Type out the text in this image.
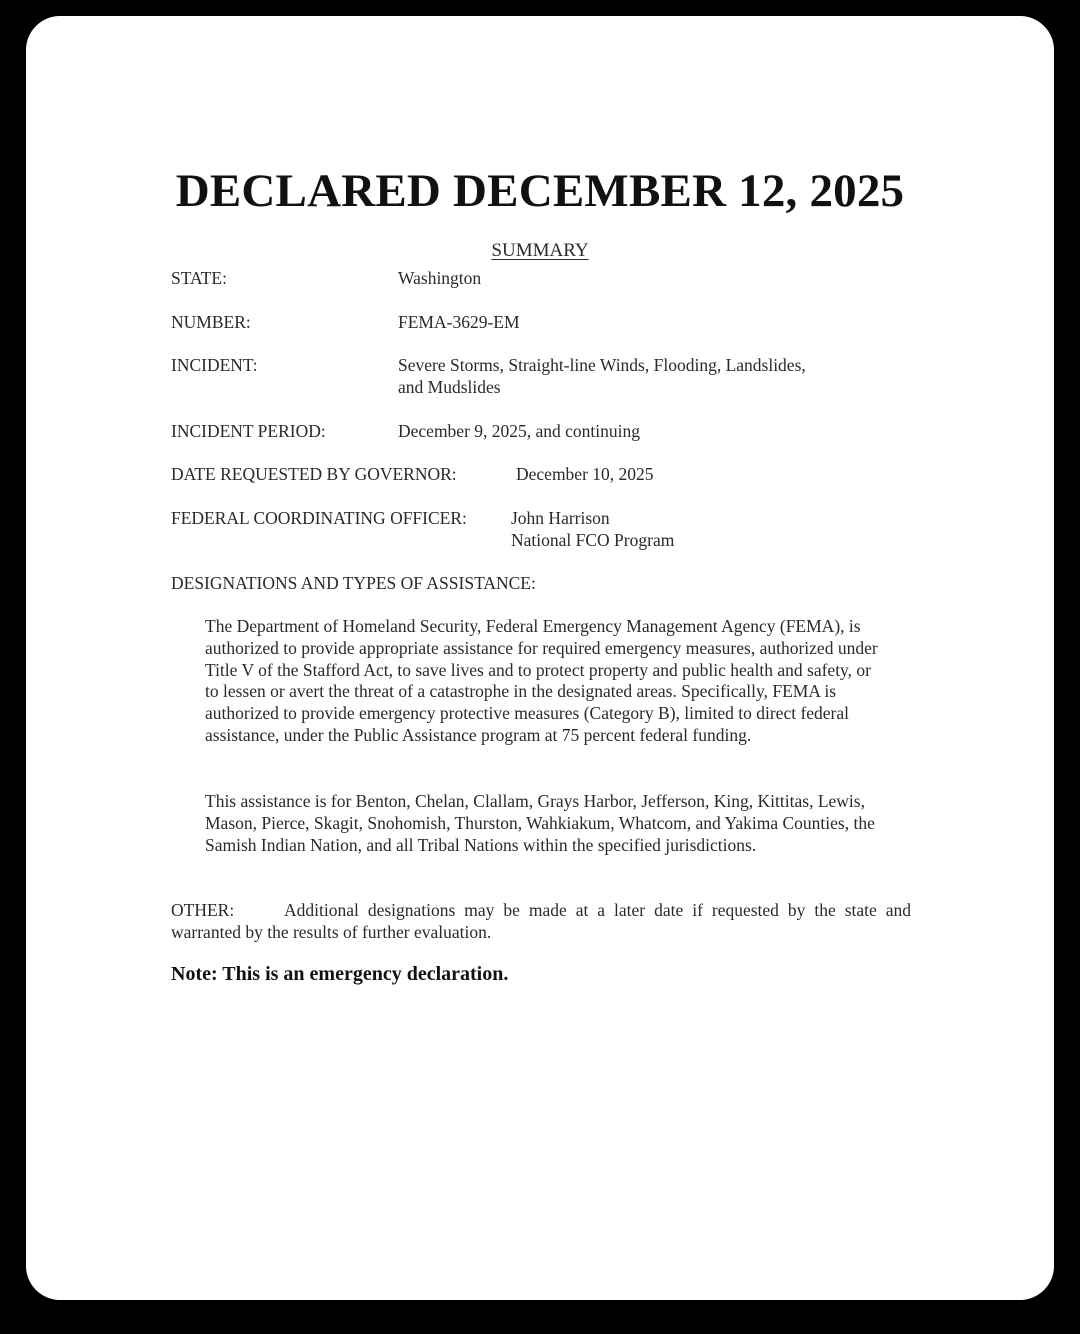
DECLARED DECEMBER 12, 2025
SUMMARY
STATE:	Washington
NUMBER:	FEMA-3629-EM
INCIDENT:	Severe Storms, Straight-line Winds, Flooding, Landslides,
and Mudslides
INCIDENT PERIOD:	December 9, 2025, and continuing
DATE REQUESTED BY GOVERNOR:	December 10, 2025
FEDERAL COORDINATING OFFICER:	John Harrison
National FCO Program
DESIGNATIONS AND TYPES OF ASSISTANCE:
The Department of Homeland Security, Federal Emergency Management Agency (FEMA), is authorized to provide appropriate assistance for required emergency measures, authorized under Title V of the Stafford Act, to save lives and to protect property and public health and safety, or to lessen or avert the threat of a catastrophe in the designated areas. Specifically, FEMA is authorized to provide emergency protective measures (Category B), limited to direct federal assistance, under the Public Assistance program at 75 percent federal funding.
This assistance is for Benton, Chelan, Clallam, Grays Harbor, Jefferson, King, Kittitas, Lewis, Mason, Pierce, Skagit, Snohomish, Thurston, Wahkiakum, Whatcom, and Yakima Counties, the Samish Indian Nation, and all Tribal Nations within the specified jurisdictions.
OTHER:	Additional designations may be made at a later date if requested by the state and warranted by the results of further evaluation.
Note: This is an emergency declaration.
